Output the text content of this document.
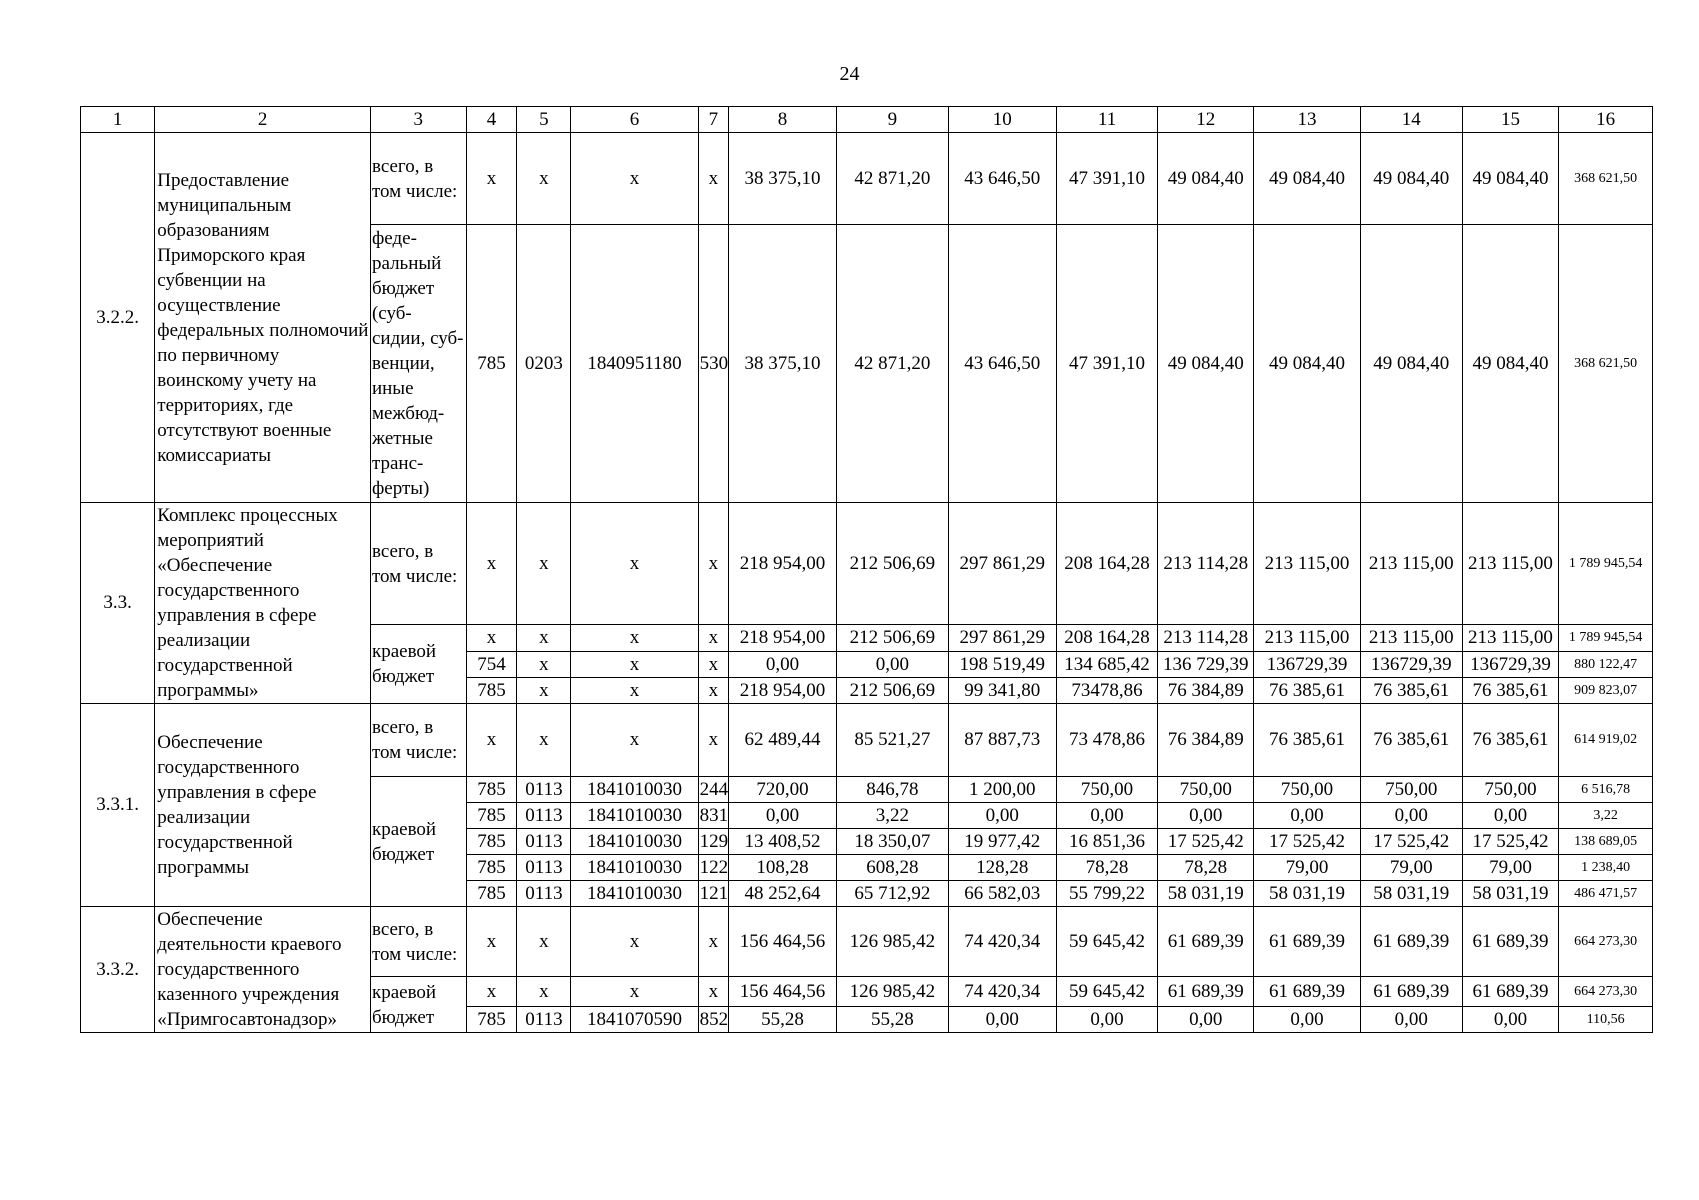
24
1	2	3	4	5	6	7	8	9	10	11	12	13	14	15	16
3.2.2.	Предоставление муниципальным образованиям Приморского края субвенции на осуществление федеральных полномочий по первичному воинскому учету на территориях, где отсутствуют военные комиссариаты	всего, в том числе:	x	x	x	x	38 375,10	42 871,20	43 646,50	47 391,10	49 084,40	49 084,40	49 084,40	49 084,40	368 621,50
		феде-ральный бюджет (суб-сидии, суб-венции, иные межбюд-жетные транс-ферты)	785	0203	1840951180	530	38 375,10	42 871,20	43 646,50	47 391,10	49 084,40	49 084,40	49 084,40	49 084,40	368 621,50
3.3.	Комплекс процессных мероприятий «Обеспечение государственного управления в сфере реализации государственной программы»	всего, в том числе:	x	x	x	x	218 954,00	212 506,69	297 861,29	208 164,28	213 114,28	213 115,00	213 115,00	213 115,00	1 789 945,54
		краевой бюджет	x	x	x	x	218 954,00	212 506,69	297 861,29	208 164,28	213 114,28	213 115,00	213 115,00	213 115,00	1 789 945,54
			754	x	x	x	0,00	0,00	198 519,49	134 685,42	136 729,39	136729,39	136729,39	136729,39	880 122,47
			785	x	x	x	218 954,00	212 506,69	99 341,80	73478,86	76 384,89	76 385,61	76 385,61	76 385,61	909 823,07
3.3.1.	Обеспечение государственного управления в сфере реализации государственной программы	всего, в том числе:	x	x	x	x	62 489,44	85 521,27	87 887,73	73 478,86	76 384,89	76 385,61	76 385,61	76 385,61	614 919,02
		краевой бюджет	785	0113	1841010030	244	720,00	846,78	1 200,00	750,00	750,00	750,00	750,00	750,00	6 516,78
			785	0113	1841010030	831	0,00	3,22	0,00	0,00	0,00	0,00	0,00	0,00	3,22
			785	0113	1841010030	129	13 408,52	18 350,07	19 977,42	16 851,36	17 525,42	17 525,42	17 525,42	17 525,42	138 689,05
			785	0113	1841010030	122	108,28	608,28	128,28	78,28	78,28	79,00	79,00	79,00	1 238,40
			785	0113	1841010030	121	48 252,64	65 712,92	66 582,03	55 799,22	58 031,19	58 031,19	58 031,19	58 031,19	486 471,57
3.3.2.	Обеспечение деятельности краевого государственного казенного учреждения «Примгосавтонадзор»	всего, в том числе:	x	x	x	x	156 464,56	126 985,42	74 420,34	59 645,42	61 689,39	61 689,39	61 689,39	61 689,39	664 273,30
		краевой бюджет	x	x	x	x	156 464,56	126 985,42	74 420,34	59 645,42	61 689,39	61 689,39	61 689,39	61 689,39	664 273,30
			785	0113	1841070590	852	55,28	55,28	0,00	0,00	0,00	0,00	0,00	0,00	110,56
